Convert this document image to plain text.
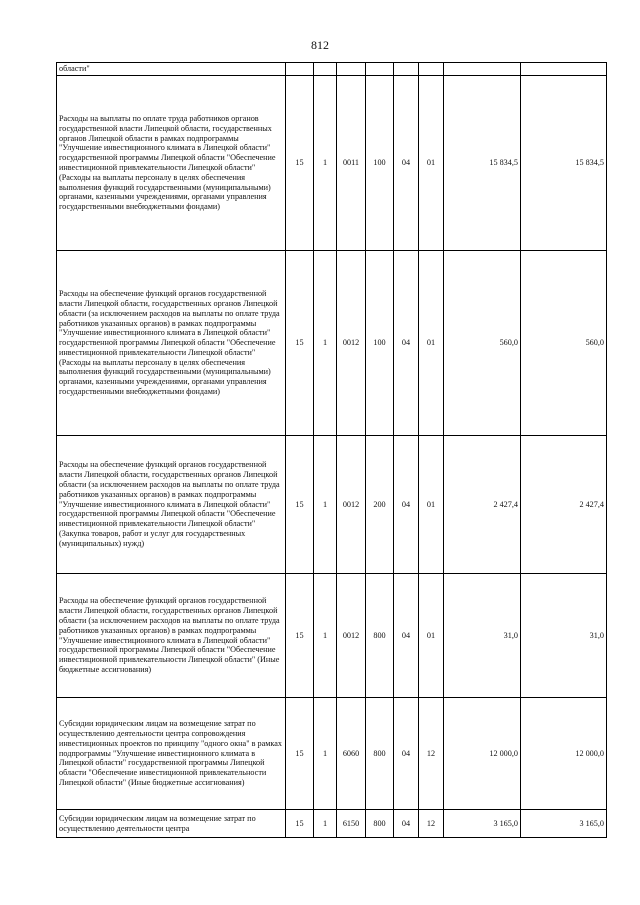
812
области"								
Расходы на выплаты по оплате труда работников органов государственной власти Липецкой области, государственных органов Липецкой области в рамках подпрограммы "Улучшение инвестиционного климата в Липецкой области" государственной программы Липецкой области "Обеспечение инвестиционной привлекательности Липецкой области" (Расходы на выплаты персоналу в целях обеспечения выполнения функций государственными (муниципальными) органами, казенными учреждениями, органами управления государственными внебюджетными фондами)	15	1	0011	100	04	01	15 834,5	15 834,5
Расходы на обеспечение функций органов государственной власти Липецкой области, государственных органов Липецкой области (за исключением расходов на выплаты по оплате труда работников указанных органов) в рамках подпрограммы "Улучшение инвестиционного климата в Липецкой области" государственной программы Липецкой области "Обеспечение инвестиционной привлекательности Липецкой области" (Расходы на выплаты персоналу в целях обеспечения выполнения функций государственными (муниципальными) органами, казенными учреждениями, органами управления государственными внебюджетными фондами)	15	1	0012	100	04	01	560,0	560,0
Расходы на обеспечение функций органов государственной власти Липецкой области, государственных органов Липецкой области (за исключением расходов на выплаты по оплате труда работников указанных органов) в рамках подпрограммы "Улучшение инвестиционного климата в Липецкой области" государственной программы Липецкой области "Обеспечение инвестиционной привлекательности Липецкой области" (Закупка товаров, работ и услуг для государственных (муниципальных) нужд)	15	1	0012	200	04	01	2 427,4	2 427,4
Расходы на обеспечение функций органов государственной власти Липецкой области, государственных органов Липецкой области (за исключением расходов на выплаты по оплате труда работников указанных органов) в рамках подпрограммы "Улучшение инвестиционного климата в Липецкой области" государственной программы Липецкой области "Обеспечение инвестиционной привлекательности Липецкой области" (Иные бюджетные ассигнования)	15	1	0012	800	04	01	31,0	31,0
Субсидии юридическим лицам на возмещение затрат по осуществлению деятельности центра сопровождения инвестиционных проектов по принципу "одного окна" в рамках подпрограммы "Улучшение инвестиционного климата в Липецкой области" государственной программы Липецкой области "Обеспечение инвестиционной привлекательности Липецкой области" (Иные бюджетные ассигнования)	15	1	6060	800	04	12	12 000,0	12 000,0
Субсидии юридическим лицам на возмещение затрат по осуществлению деятельности центра	15	1	6150	800	04	12	3 165,0	3 165,0
